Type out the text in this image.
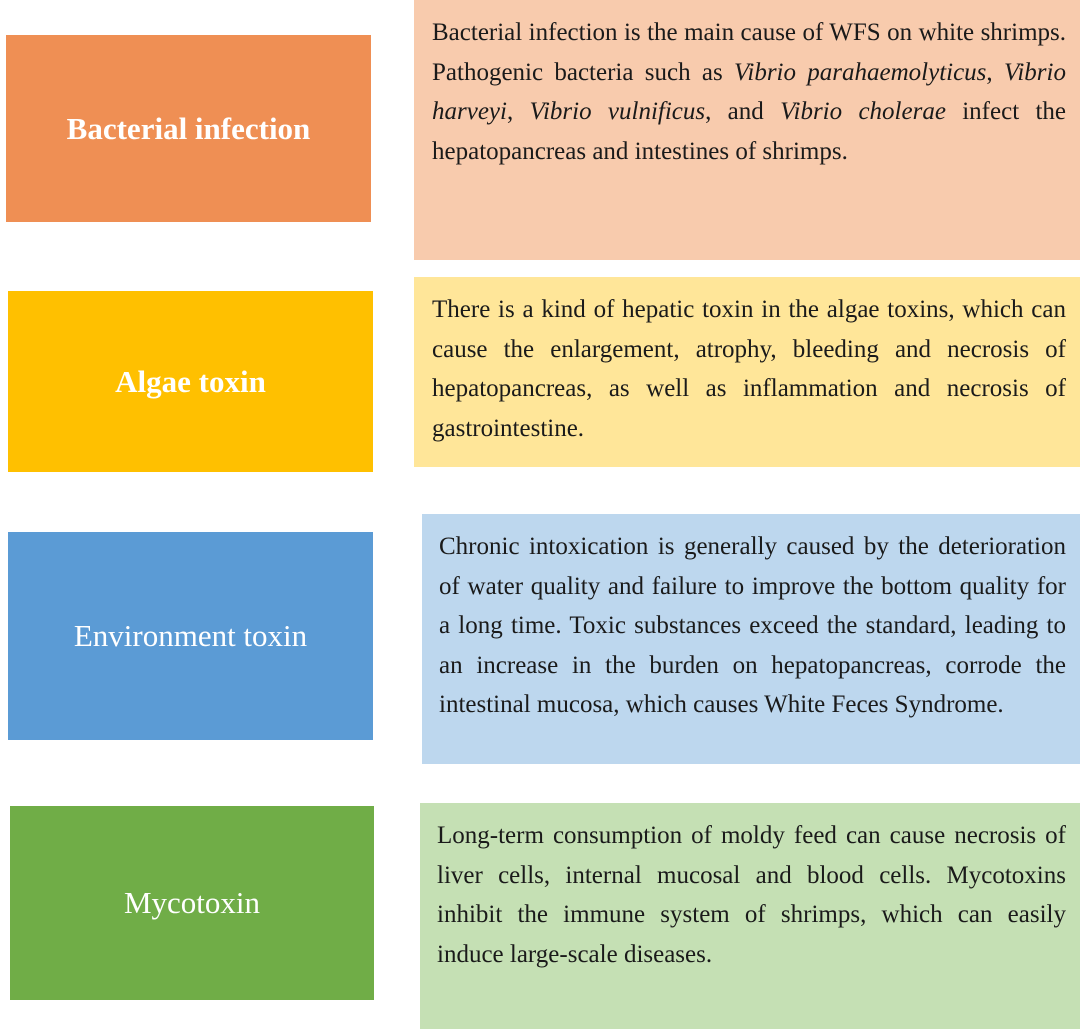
Bacterial infection
Bacterial infection is the main cause of WFS on white shrimps. Pathogenic bacteria such as Vibrio parahaemolyticus, Vibrio harveyi, Vibrio vulnificus, and Vibrio cholerae infect the hepatopancreas and intestines of shrimps.
Algae toxin
There is a kind of hepatic toxin in the algae toxins, which can cause the enlargement, atrophy, bleeding and necrosis of hepatopancreas, as well as inflammation and necrosis of gastrointestine.
Environment toxin
Chronic intoxication is generally caused by the deterioration of water quality and failure to improve the bottom quality for a long time. Toxic substances exceed the standard, leading to an increase in the burden on hepatopancreas, corrode the intestinal mucosa, which causes White Feces Syndrome.
Mycotoxin
Long-term consumption of moldy feed can cause necrosis of liver cells, internal mucosal and blood cells. Mycotoxins inhibit the immune system of shrimps, which can easily induce large-scale diseases.
